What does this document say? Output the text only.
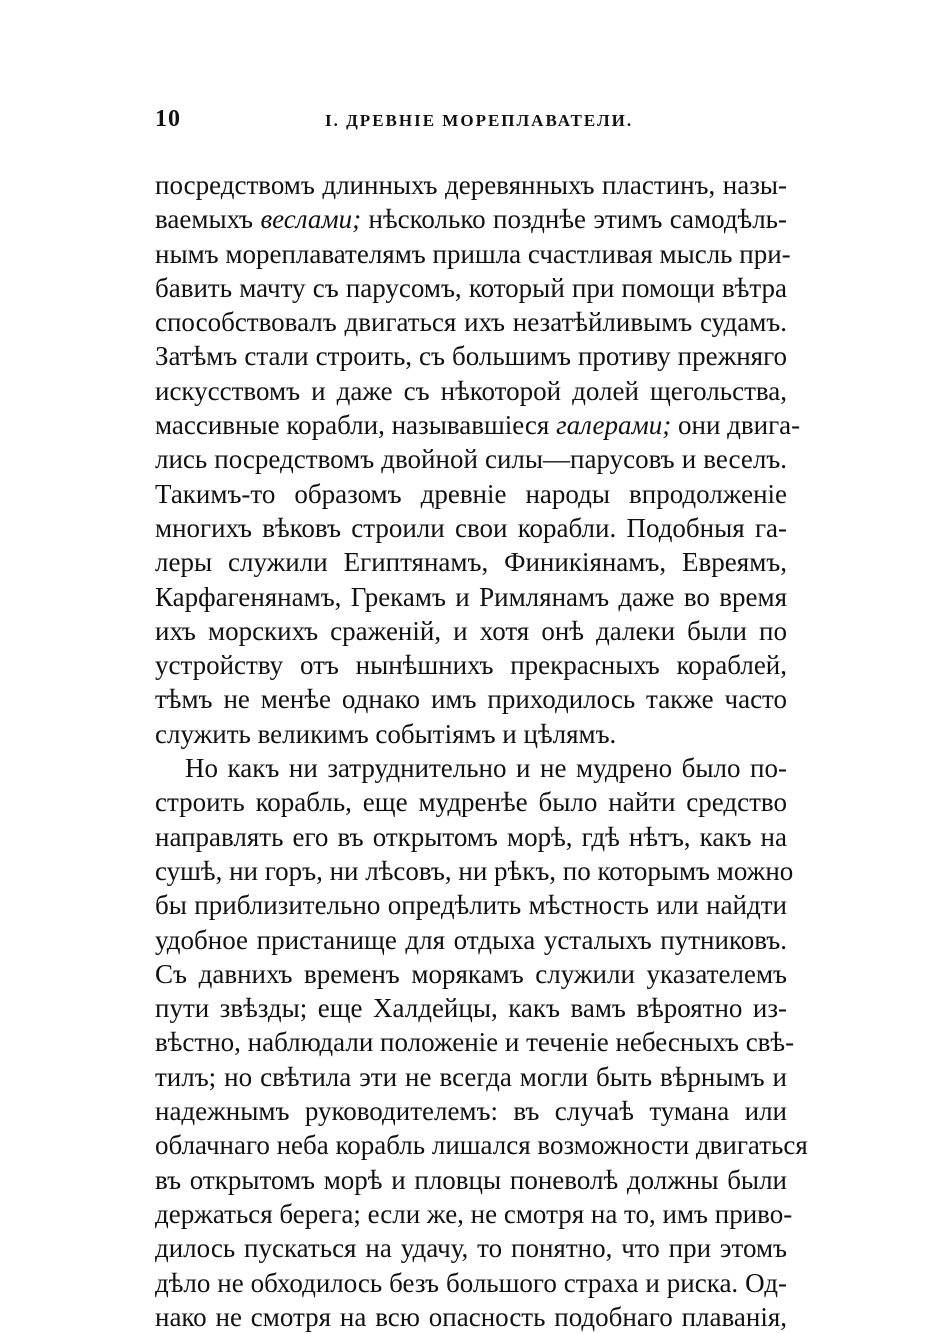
10	I. ДРЕВНІЕ МОРЕПЛАВАТЕЛИ.
посредствомъ длинныхъ деревянныхъ пластинъ, назы-
ваемыхъ веслами; нѣсколько позднѣе этимъ самодѣль-
нымъ мореплавателямъ пришла счастливая мысль при-
бавить мачту съ парусомъ, который при помощи вѣтра
способствовалъ двигаться ихъ незатѣйливымъ судамъ.
Затѣмъ стали строить, съ большимъ противу прежняго
искусствомъ и даже съ нѣкоторой долей щегольства,
массивные корабли, называвшіеся галерами; они двига-
лись посредствомъ двойной силы—парусовъ и веселъ.
Такимъ-то образомъ древніе народы впродолженіе
многихъ вѣковъ строили свои корабли. Подобныя га-
леры служили Египтянамъ, Финикіянамъ, Евреямъ,
Карфагенянамъ, Грекамъ и Римлянамъ даже во время
ихъ морскихъ сраженій, и хотя онѣ далеки были по
устройству отъ нынѣшнихъ прекрасныхъ кораблей,
тѣмъ не менѣе однако имъ приходилось также часто
служить великимъ событіямъ и цѣлямъ.
Но какъ ни затруднительно и не мудрено было по-
строить корабль, еще мудренѣе было найти средство
направлять его въ открытомъ морѣ, гдѣ нѣтъ, какъ на
сушѣ, ни горъ, ни лѣсовъ, ни рѣкъ, по которымъ можно
бы приблизительно опредѣлить мѣстность или найдти
удобное пристанище для отдыха усталыхъ путниковъ.
Съ давнихъ временъ морякамъ служили указателемъ
пути звѣзды; еще Халдейцы, какъ вамъ вѣроятно из-
вѣстно, наблюдали положеніе и теченіе небесныхъ свѣ-
тилъ; но свѣтила эти не всегда могли быть вѣрнымъ и
надежнымъ руководителемъ: въ случаѣ тумана или
облачнаго неба корабль лишался возможности двигаться
въ открытомъ морѣ и пловцы поневолѣ должны были
держаться берега; если же, не смотря на то, имъ приво-
дилось пускаться на удачу, то понятно, что при этомъ
дѣло не обходилось безъ большого страха и риска. Од-
нако не смотря на всю опасность подобнаго плаванія,
